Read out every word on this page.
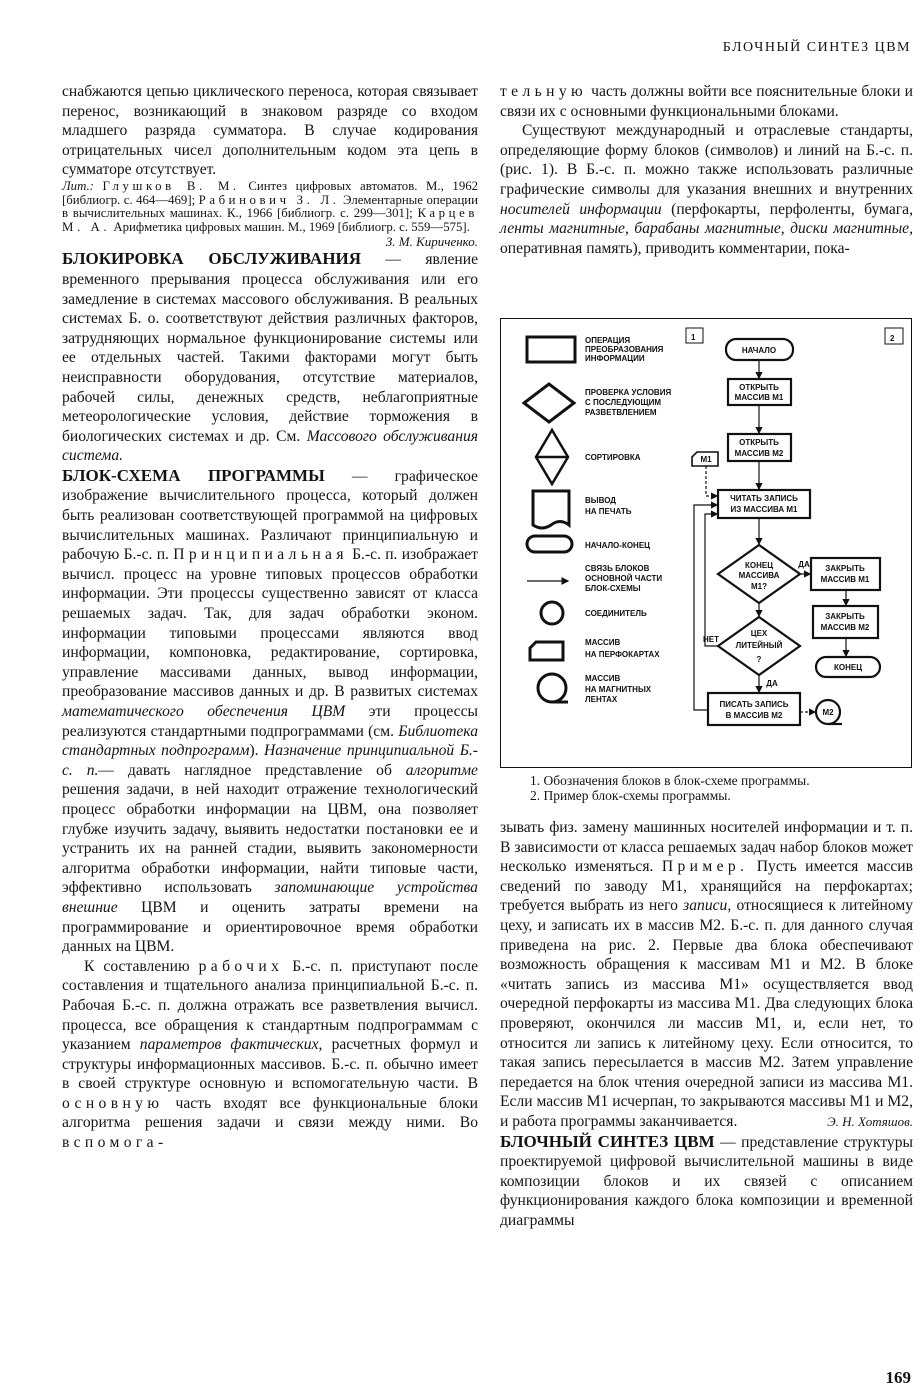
БЛОЧНЫЙ СИНТЕЗ ЦВМ

снабжаются цепью циклического переноса, которая связывает перенос, возникающий в знаковом разряде со входом младшего разряда сумматора. В случае кодирования отрицательных чисел дополнительным кодом эта цепь в сумматоре отсутствует.

Лит.: Глушков В. М. Синтез цифровых автоматов. М., 1962 [библиогр. с. 464—469]; Рабинович З. Л. Элементарные операции в вычислительных машинах. К., 1966 [библиогр. с. 299—301]; Карцев М. А. Арифметика цифровых машин. М., 1969 [библиогр. с. 559—575].

З. М. Кириченко.

БЛОКИРОВКА ОБСЛУЖИВАНИЯ — явление временного прерывания процесса обслуживания или его замедление в системах массового обслуживания. В реальных системах Б. о. соответствуют действия различных факторов, затрудняющих нормальное функционирование системы или ее отдельных частей. Такими факторами могут быть неисправности оборудования, отсутствие материалов, рабочей силы, денежных средств, неблагоприятные метеорологические условия, действие торможения в биологических системах и др. См. Массового обслуживания система.

БЛОК-СХЕМА ПРОГРАММЫ — графическое изображение вычислительного процесса, который должен быть реализован соответствующей программой на цифровых вычислительных машинах. Различают принципиальную и рабочую Б.-с. п. Принципиальная Б.-с. п. изображает вычисл. процесс на уровне типовых процессов обработки информации. Эти процессы существенно зависят от класса решаемых задач. Так, для задач обработки эконом. информации типовыми процессами являются ввод информации, компоновка, редактирование, сортировка, управление массивами данных, вывод информации, преобразование массивов данных и др. В развитых системах математического обеспечения ЦВМ эти процессы реализуются стандартными подпрограммами (см. Библиотека стандартных подпрограмм). Назначение принципиальной Б.-с. п.— давать наглядное представление об алгоритме решения задачи, в ней находит отражение технологический процесс обработки информации на ЦВМ, она позволяет глубже изучить задачу, выявить недостатки постановки ее и устранить их на ранней стадии, выявить закономерности алгоритма обработки информации, найти типовые части, эффективно использовать запоминающие устройства внешние ЦВМ и оценить затраты времени на программирование и ориентировочное время обработки данных на ЦВМ.

К составлению рабочих Б.-с. п. приступают после составления и тщательного анализа принципиальной Б.-с. п. Рабочая Б.-с. п. должна отражать все разветвления вычисл. процесса, все обращения к стандартным подпрограммам с указанием параметров фактических, расчетных формул и структуры информационных массивов. Б.-с. п. обычно имеет в своей структуре основную и вспомогательную части. В основную часть входят все функциональные блоки алгоритма решения задачи и связи между ними. Во вспомога-

тельную часть должны войти все пояснительные блоки и связи их с основными функциональными блоками.

Существуют международный и отраслевые стандарты, определяющие форму блоков (символов) и линий на Б.-с. п. (рис. 1). В Б.-с. п. можно также использовать различные графические символы для указания внешних и внутренних носителей информации (перфокарты, перфоленты, бумага, ленты магнитные, барабаны магнитные, диски магнитные, оперативная память), приводить комментарии, пока-

1	2
ОПЕРАЦИЯ
ПРЕОБРАЗОВАНИЯ
ИНФОРМАЦИИ
ПРОВЕРКА УСЛОВИЯ
С ПОСЛЕДУЮЩИМ
РАЗВЕТВЛЕНИЕМ
СОРТИРОВКА
ВЫВОД
НА ПЕЧАТЬ
НАЧАЛО-КОНЕЦ
СВЯЗЬ БЛОКОВ
ОСНОВНОЙ ЧАСТИ
БЛОК-СХЕМЫ
СОЕДИНИТЕЛЬ
МАССИВ
НА ПЕРФОКАРТАХ
МАССИВ
НА МАГНИТНЫХ
ЛЕНТАХ
НАЧАЛО
ОТКРЫТЬ
МАССИВ М1
ОТКРЫТЬ
МАССИВ М2
М1
ЧИТАТЬ ЗАПИСЬ
ИЗ МАССИВА М1
КОНЕЦ
МАССИВА
М1?
ДА ЗАКРЫТЬ
МАССИВ М1
ЗАКРЫТЬ
МАССИВ М2
КОНЕЦ
ЦЕХ
ЛИТЕЙНЫЙ
?
НЕТ
ДА
ПИСАТЬ ЗАПИСЬ
В МАССИВ М2	М2
1. Обозначения блоков в блок-схеме программы.
2. Пример блок-схемы программы.

зывать физ. замену машинных носителей информации и т. п. В зависимости от класса решаемых задач набор блоков может несколько изменяться. Пример. Пусть имеется массив сведений по заводу М1, хранящийся на перфокартах; требуется выбрать из него записи, относящиеся к литейному цеху, и записать их в массив М2. Б.-с. п. для данного случая приведена на рис. 2. Первые два блока обеспечивают возможность обращения к массивам М1 и М2. В блоке «читать запись из массива М1» осуществляется ввод очередной перфокарты из массива М1. Два следующих блока проверяют, окончился ли массив М1, и, если нет, то относится ли запись к литейному цеху. Если относится, то такая запись пересылается в массив М2. Затем управление передается на блок чтения очередной записи из массива М1. Если массив М1 исчерпан, то закрываются массивы М1 и М2, и работа программы заканчивается.	Э. Н. Хотяшов.

БЛОЧНЫЙ СИНТЕЗ ЦВМ — представление структуры проектируемой цифровой вычислительной машины в виде композиции блоков и их связей с описанием функционирования каждого блока композиции и временной диаграммы

169
